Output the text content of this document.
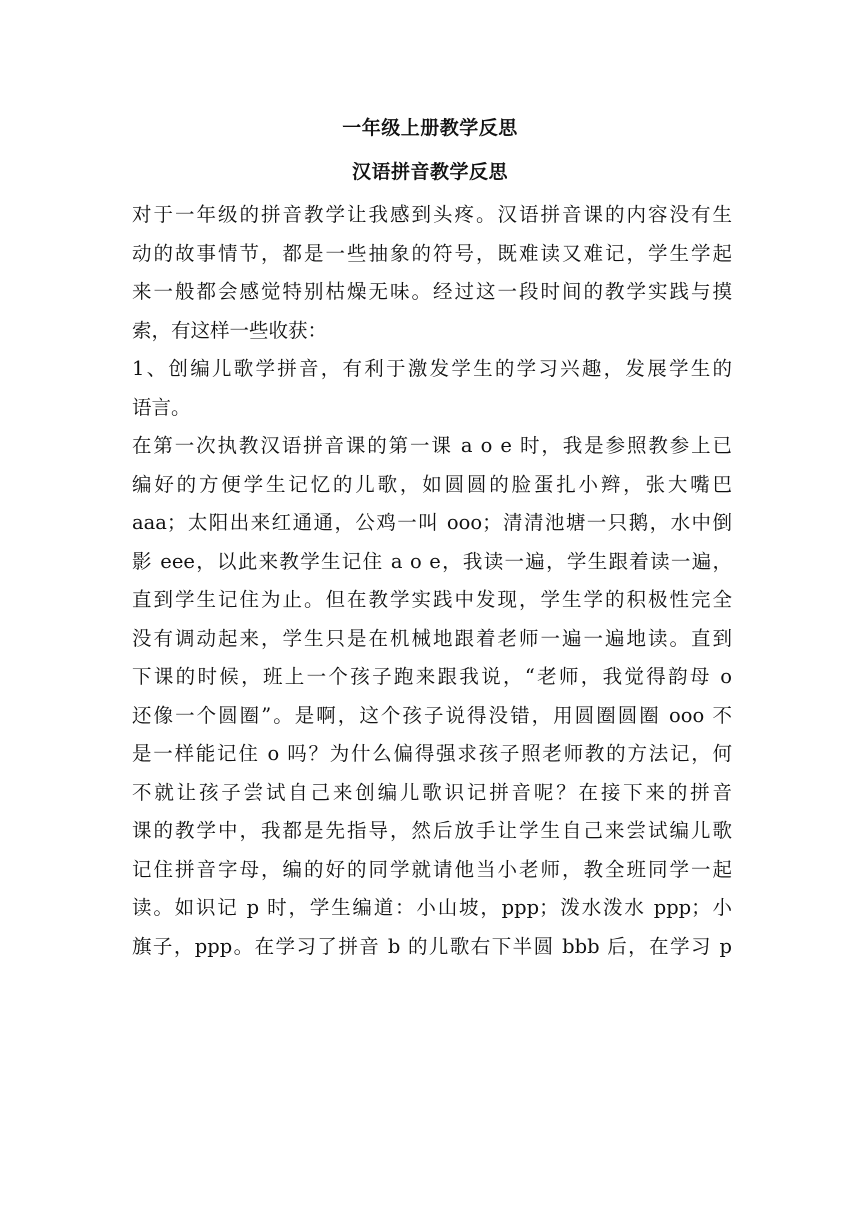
一年级上册教学反思
汉语拼音教学反思
对于一年级的拼音教学让我感到头疼。汉语拼音课的内容没有生
动的故事情节，都是一些抽象的符号，既难读又难记，学生学起
来一般都会感觉特别枯燥无味。经过这一段时间的教学实践与摸
索，有这样一些收获：
1、创编儿歌学拼音，有利于激发学生的学习兴趣，发展学生的
语言。
在第一次执教汉语拼音课的第一课 a o e 时，我是参照教参上已
编好的方便学生记忆的儿歌，如圆圆的脸蛋扎小辫，张大嘴巴
aaa；太阳出来红通通，公鸡一叫 ooo；清清池塘一只鹅，水中倒
影 eee，以此来教学生记住 a o e，我读一遍，学生跟着读一遍，
直到学生记住为止。但在教学实践中发现，学生学的积极性完全
没有调动起来，学生只是在机械地跟着老师一遍一遍地读。直到
下课的时候，班上一个孩子跑来跟我说，“老师，我觉得韵母 o
还像一个圆圈”。是啊，这个孩子说得没错，用圆圈圆圈 ooo 不
是一样能记住 o 吗？为什么偏得强求孩子照老师教的方法记，何
不就让孩子尝试自己来创编儿歌识记拼音呢？在接下来的拼音
课的教学中，我都是先指导，然后放手让学生自己来尝试编儿歌
记住拼音字母，编的好的同学就请他当小老师，教全班同学一起
读。如识记 p 时，学生编道：小山坡，ppp；泼水泼水 ppp；小
旗子，ppp。在学习了拼音 b 的儿歌右下半圆 bbb 后，在学习 p
